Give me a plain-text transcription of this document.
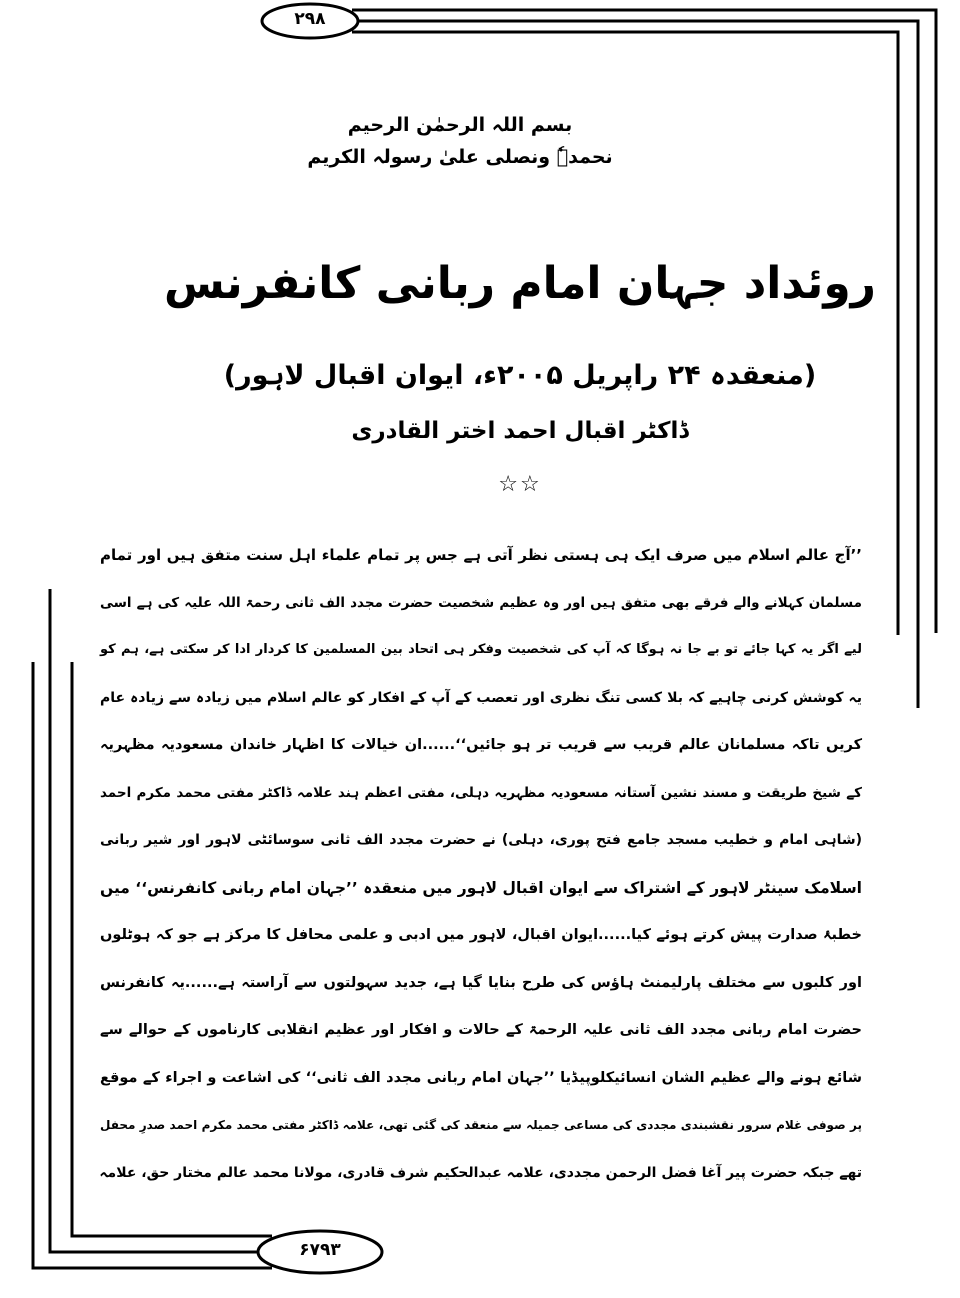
۲۹۸
۶۷۹۳
بسم اللہ الرحمٰن الرحیم
نحمدہٗ ونصلی علیٰ رسولہ الکریم
روئداد جہان امام ربانی کانفرنس
(منعقدہ ۲۴ راپریل ۲۰۰۵ء، ایوان اقبال لاہور)
ڈاکٹر اقبال احمد اختر القادری
☆☆
’’آج عالم اسلام میں صرف ایک ہی ہستی نظر آتی ہے جس پر تمام علماء اہل سنت متفق ہیں اور تمام
مسلمان کہلانے والے فرقے بھی متفق ہیں اور وہ عظیم شخصیت حضرت مجدد الف ثانی رحمۃ اللہ علیہ کی ہے اسی
لیے اگر یہ کہا جائے تو بے جا نہ ہوگا کہ آپ کی شخصیت وفکر ہی اتحاد بین المسلمین کا کردار ادا کر سکتی ہے، ہم کو
یہ کوشش کرنی چاہیے کہ بلا کسی تنگ نظری اور تعصب کے آپ کے افکار کو عالم اسلام میں زیادہ سے زیادہ عام
کریں تاکہ مسلمانان عالم قریب سے قریب تر ہو جائیں‘‘......ان خیالات کا اظہار خاندان مسعودیہ مظہریہ
کے شیخ طریقت و مسند نشین آستانہ مسعودیہ مظہریہ دہلی، مفتی اعظم ہند علامہ ڈاکٹر مفتی محمد مکرم احمد
(شاہی امام و خطیب مسجد جامع فتح پوری، دہلی) نے حضرت مجدد الف ثانی سوسائٹی لاہور اور شیر ربانی
اسلامک سینٹر لاہور کے اشتراک سے ایوان اقبال لاہور میں منعقدہ ’’جہان امام ربانی کانفرنس‘‘ میں
خطبۂ صدارت پیش کرتے ہوئے کیا......ایوان اقبال، لاہور میں ادبی و علمی محافل کا مرکز ہے جو کہ ہوٹلوں
اور کلبوں سے مختلف پارلیمنٹ ہاؤس کی طرح بنایا گیا ہے، جدید سہولتوں سے آراستہ ہے......یہ کانفرنس
حضرت امام ربانی مجدد الف ثانی علیہ الرحمۃ کے حالات و افکار اور عظیم انقلابی کارناموں کے حوالے سے
شائع ہونے والے عظیم الشان انسائیکلوپیڈیا ’’جہان امام ربانی مجدد الف ثانی‘‘ کی اشاعت و اجراء کے موقع
پر صوفی غلام سرور نقشبندی مجددی کی مساعی جمیلہ سے منعقد کی گئی تھی، علامہ ڈاکٹر مفتی محمد مکرم احمد صدرِ محفل
تھے جبکہ حضرت پیر آغا فضل الرحمن مجددی، علامہ عبدالحکیم شرف قادری، مولانا محمد عالم مختار حق، علامہ
